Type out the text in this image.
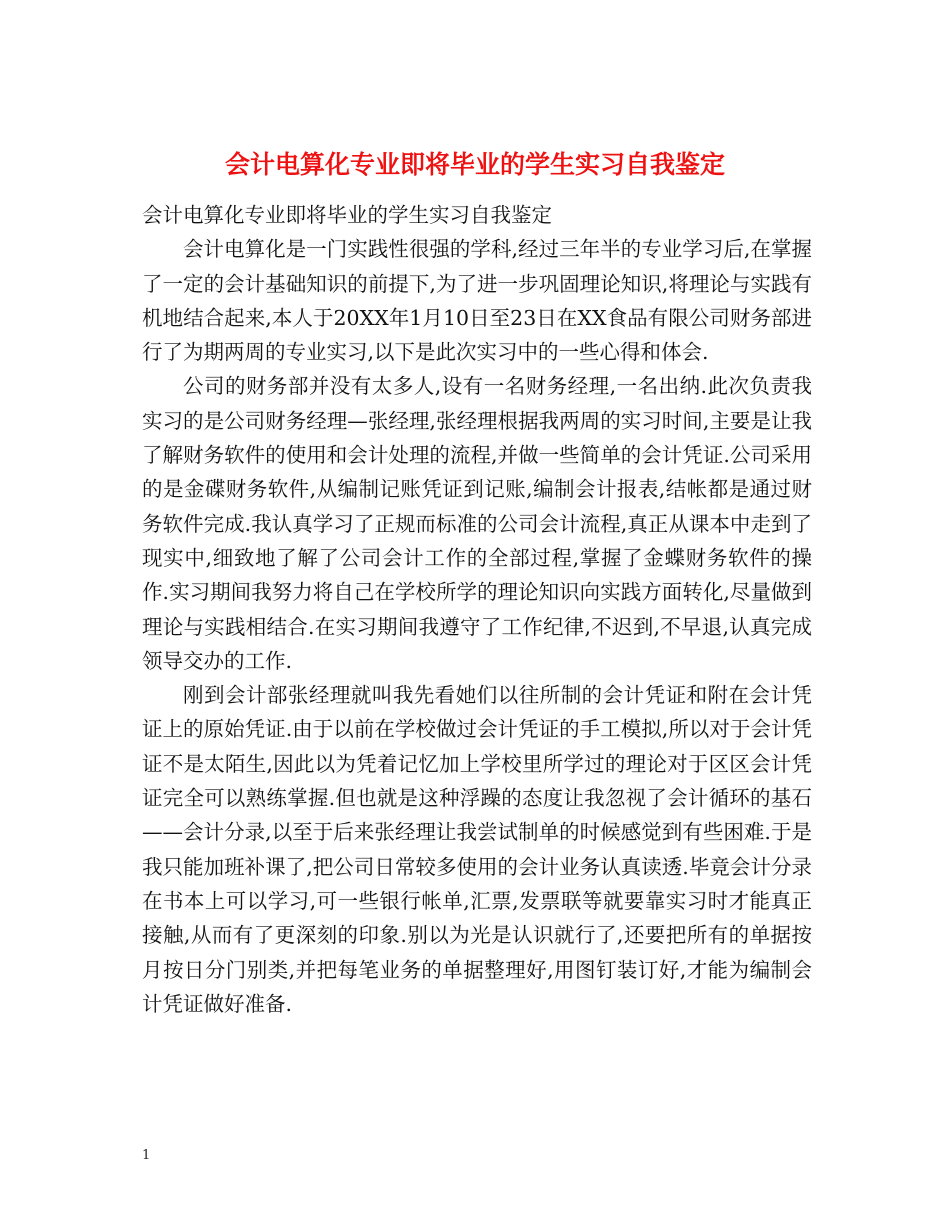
会计电算化专业即将毕业的学生实习自我鉴定

会计电算化专业即将毕业的学生实习自我鉴定

会计电算化是一门实践性很强的学科,经过三年半的专业学习后,在掌握了一定的会计基础知识的前提下,为了进一步巩固理论知识,将理论与实践有机地结合起来,本人于20XX年1月10日至23日在XX食品有限公司财务部进行了为期两周的专业实习,以下是此次实习中的一些心得和体会.

公司的财务部并没有太多人,设有一名财务经理,一名出纳.此次负责我实习的是公司财务经理—张经理,张经理根据我两周的实习时间,主要是让我了解财务软件的使用和会计处理的流程,并做一些简单的会计凭证.公司采用的是金碟财务软件,从编制记账凭证到记账,编制会计报表,结帐都是通过财务软件完成.我认真学习了正规而标准的公司会计流程,真正从课本中走到了现实中,细致地了解了公司会计工作的全部过程,掌握了金蝶财务软件的操作.实习期间我努力将自己在学校所学的理论知识向实践方面转化,尽量做到理论与实践相结合.在实习期间我遵守了工作纪律,不迟到,不早退,认真完成领导交办的工作.

刚到会计部张经理就叫我先看她们以往所制的会计凭证和附在会计凭证上的原始凭证.由于以前在学校做过会计凭证的手工模拟,所以对于会计凭证不是太陌生,因此以为凭着记忆加上学校里所学过的理论对于区区会计凭证完全可以熟练掌握.但也就是这种浮躁的态度让我忽视了会计循环的基石——会计分录,以至于后来张经理让我尝试制单的时候感觉到有些困难.于是我只能加班补课了,把公司日常较多使用的会计业务认真读透.毕竟会计分录在书本上可以学习,可一些银行帐单,汇票,发票联等就要靠实习时才能真正接触,从而有了更深刻的印象.别以为光是认识就行了,还要把所有的单据按月按日分门别类,并把每笔业务的单据整理好,用图钉装订好,才能为编制会计凭证做好准备.

1
